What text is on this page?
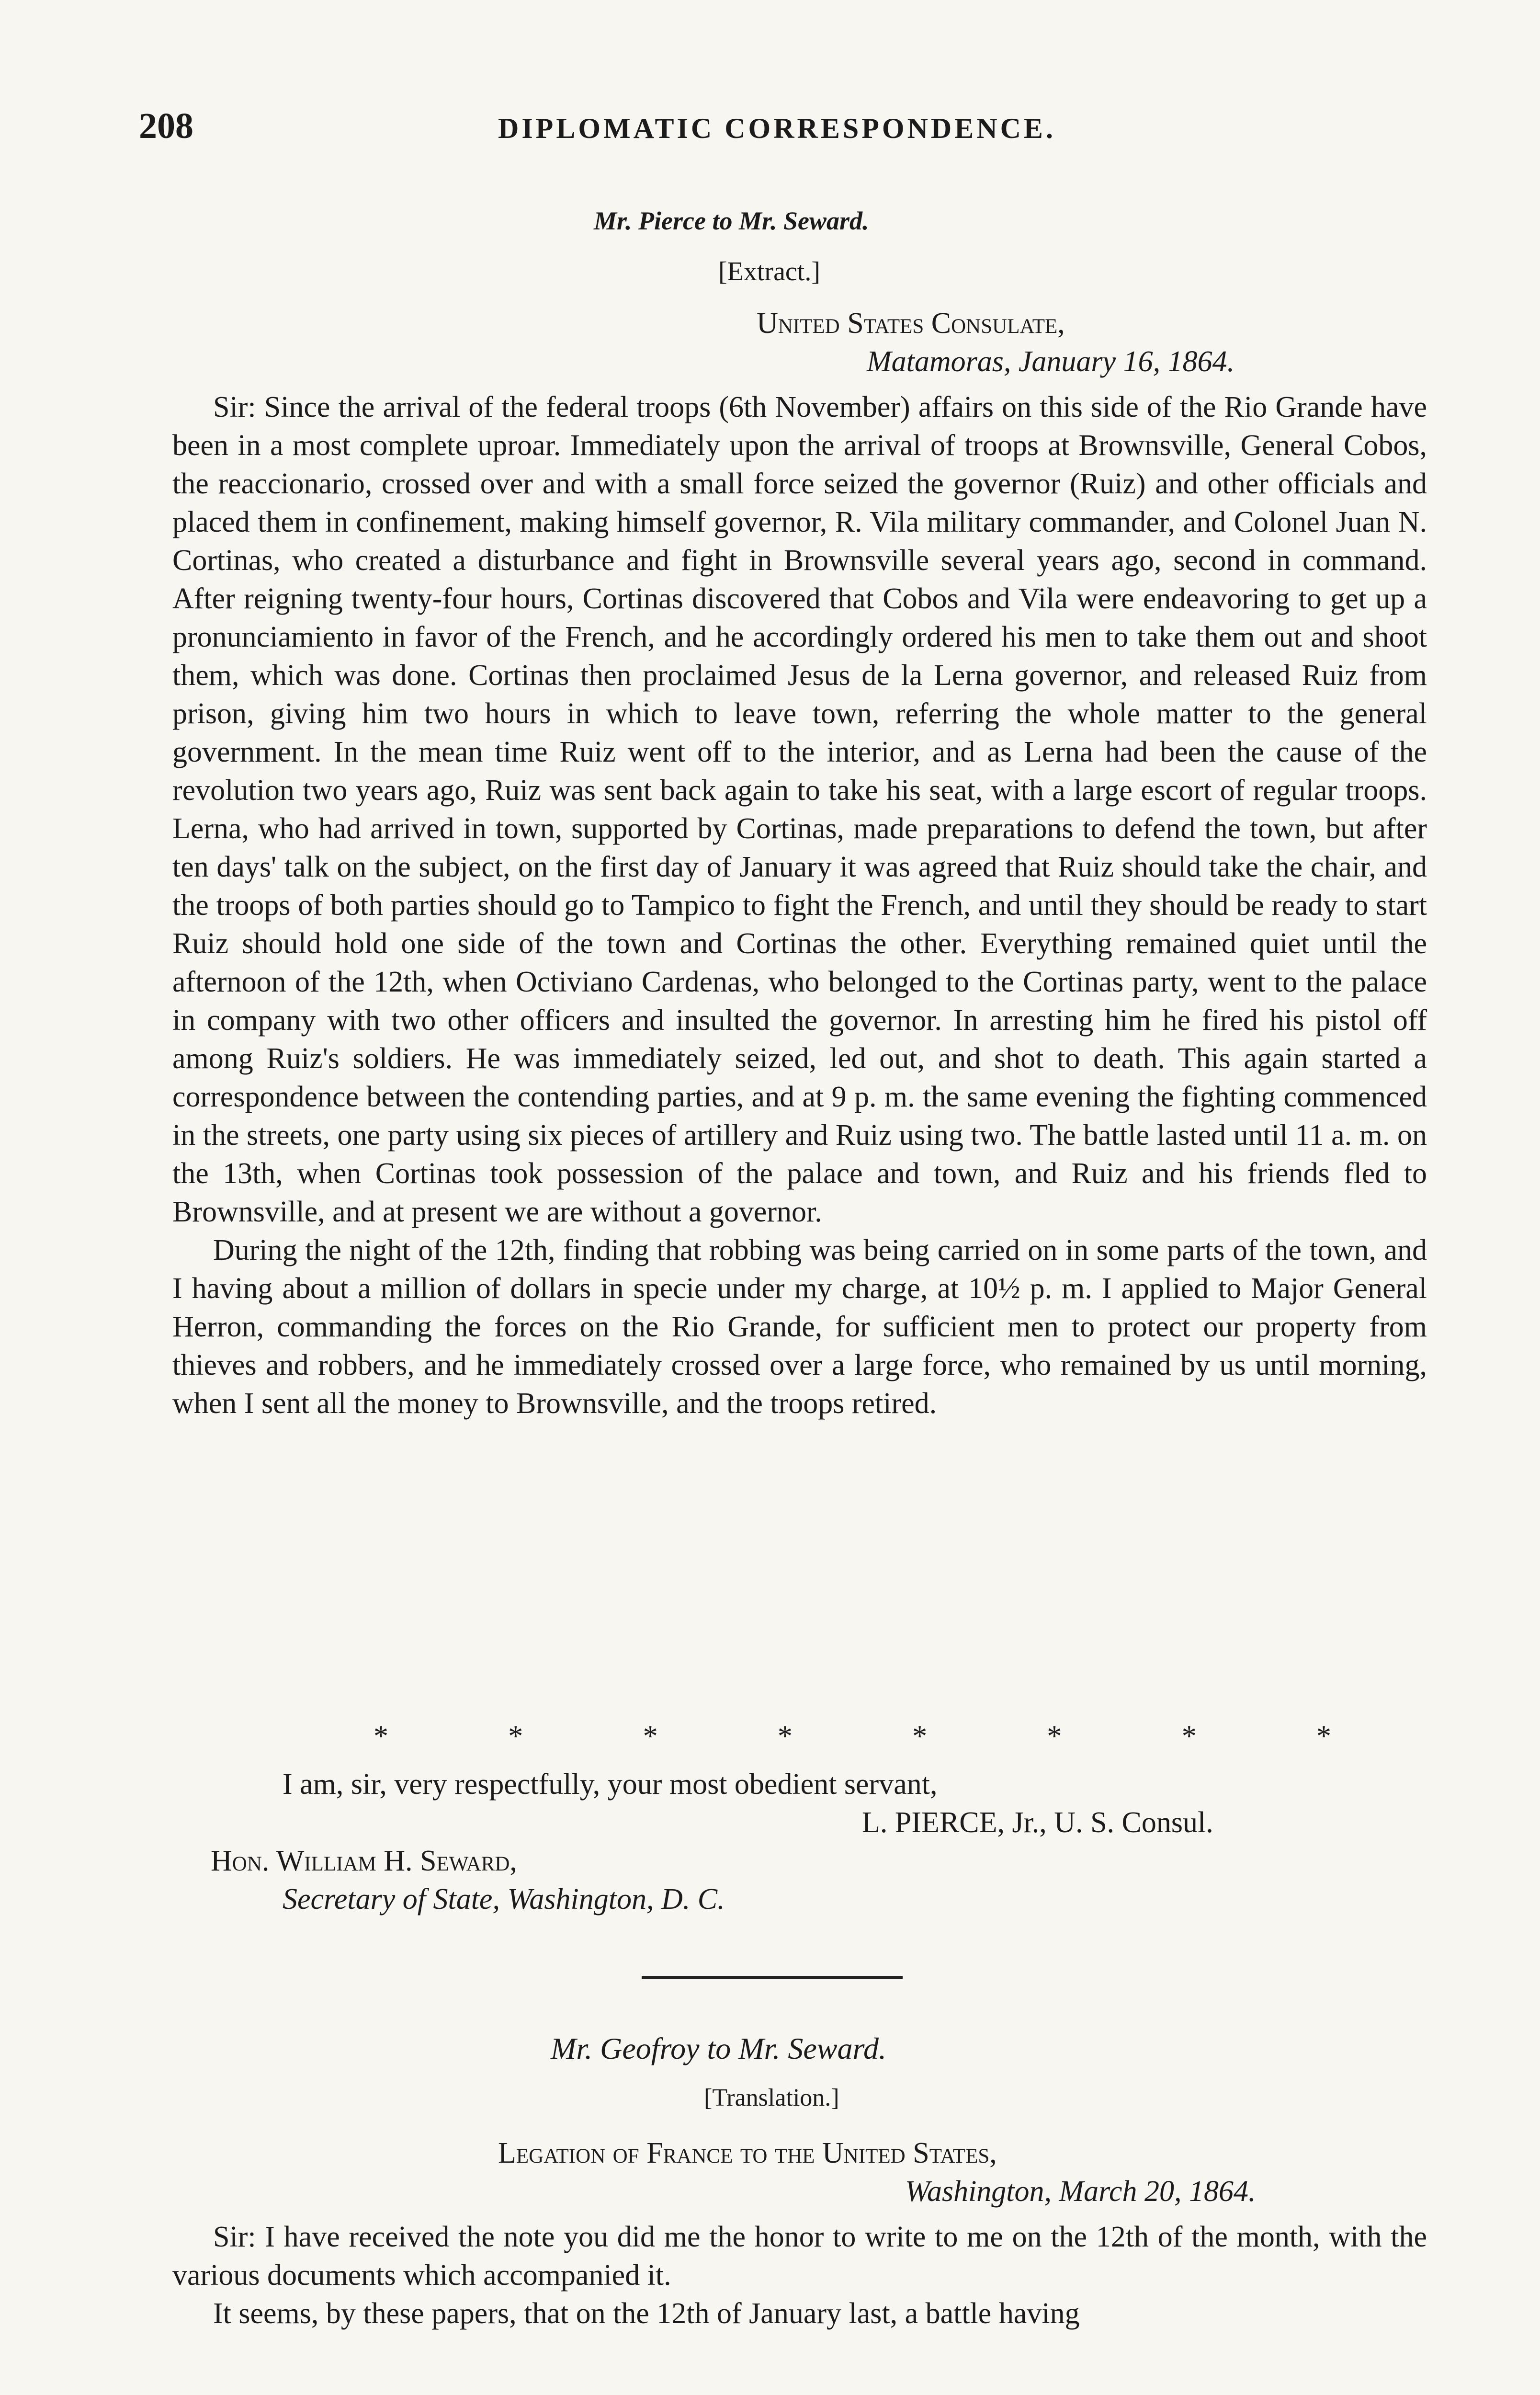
208	DIPLOMATIC CORRESPONDENCE.
Mr. Pierce to Mr. Seward.
[Extract.]
United States Consulate,
Matamoras, January 16, 1864.

Sir: Since the arrival of the federal troops (6th November) affairs on this side of the Rio Grande have been in a most complete uproar. Immediately upon the arrival of troops at Brownsville, General Cobos, the reaccionario, crossed over and with a small force seized the governor (Ruiz) and other officials and placed them in confinement, making himself governor, R. Vila military commander, and Colonel Juan N. Cortinas, who created a disturbance and fight in Brownsville several years ago, second in command. After reigning twenty-four hours, Cortinas discovered that Cobos and Vila were endeavoring to get up a pronunciamiento in favor of the French, and he accordingly ordered his men to take them out and shoot them, which was done. Cortinas then proclaimed Jesus de la Lerna governor, and released Ruiz from prison, giving him two hours in which to leave town, referring the whole matter to the general government. In the mean time Ruiz went off to the interior, and as Lerna had been the cause of the revolution two years ago, Ruiz was sent back again to take his seat, with a large escort of regular troops. Lerna, who had arrived in town, supported by Cortinas, made preparations to defend the town, but after ten days' talk on the subject, on the first day of January it was agreed that Ruiz should take the chair, and the troops of both parties should go to Tampico to fight the French, and until they should be ready to start Ruiz should hold one side of the town and Cortinas the other. Everything remained quiet until the afternoon of the 12th, when Octiviano Cardenas, who belonged to the Cortinas party, went to the palace in company with two other officers and insulted the governor. In arresting him he fired his pistol off among Ruiz's soldiers. He was immediately seized, led out, and shot to death. This again started a correspondence between the contending parties, and at 9 p. m. the same evening the fighting commenced in the streets, one party using six pieces of artillery and Ruiz using two. The battle lasted until 11 a. m. on the 13th, when Cortinas took possession of the palace and town, and Ruiz and his friends fled to Brownsville, and at present we are without a governor.

During the night of the 12th, finding that robbing was being carried on in some parts of the town, and I having about a million of dollars in specie under my charge, at 10½ p. m. I applied to Major General Herron, commanding the forces on the Rio Grande, for sufficient men to protect our property from thieves and robbers, and he immediately crossed over a large force, who remained by us until morning, when I sent all the money to Brownsville, and the troops retired.

*	*	*	*	*	*	*	*
I am, sir, very respectfully, your most obedient servant,
L. PIERCE, Jr., U. S. Consul.
Hon. William H. Seward,
Secretary of State, Washington, D. C.
Mr. Geofroy to Mr. Seward.
[Translation.]
Legation of France to the United States,
Washington, March 20, 1864.

Sir: I have received the note you did me the honor to write to me on the 12th of the month, with the various documents which accompanied it.

It seems, by these papers, that on the 12th of January last, a battle having
